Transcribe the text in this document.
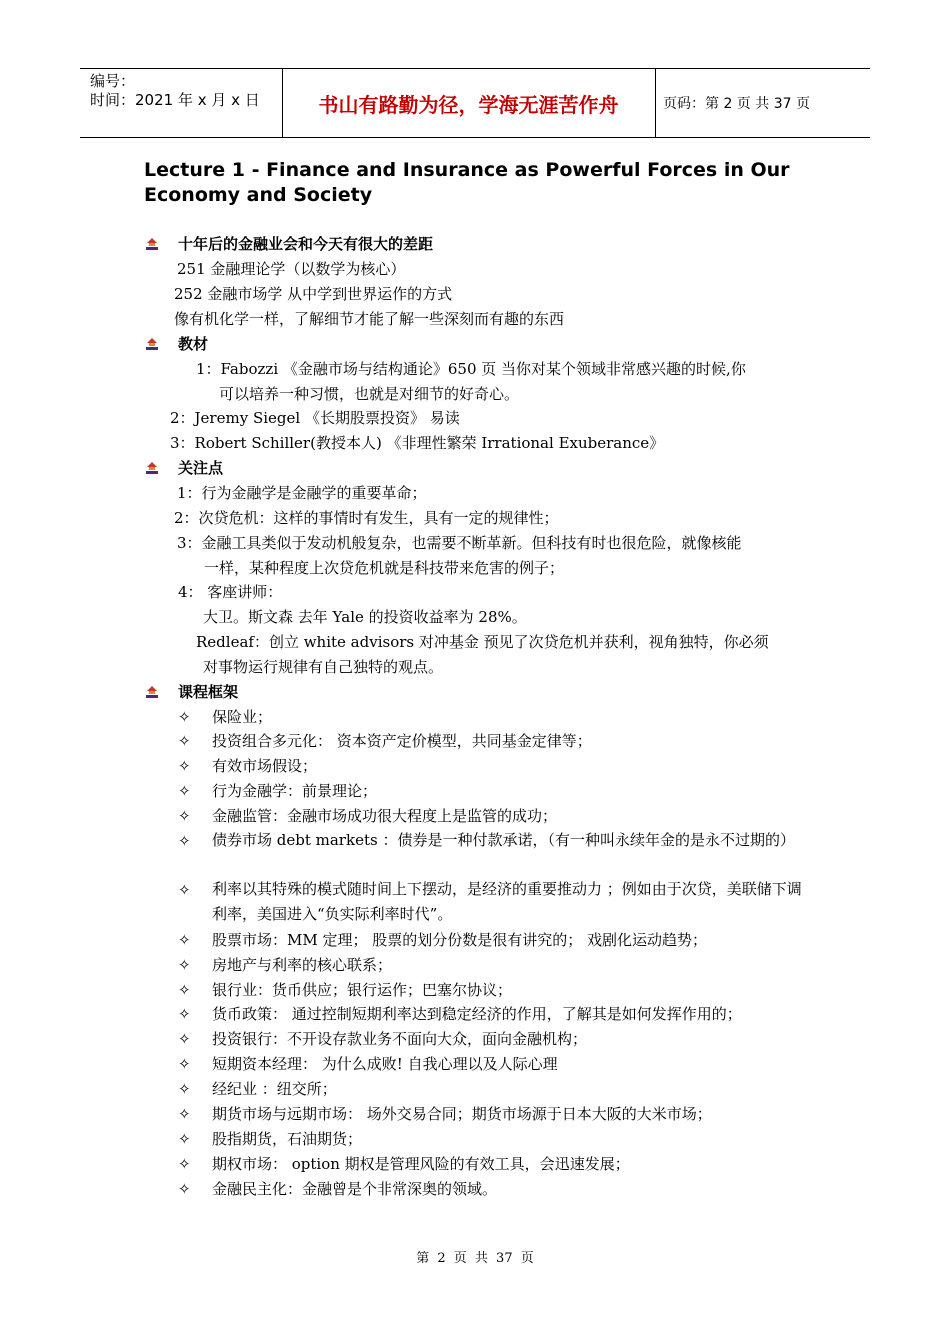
编号：
时间：2021 年 x 月 x 日	书山有路勤为径，学海无涯苦作舟	页码：第 2 页 共 37 页
Lecture 1 - Finance and Insurance as Powerful Forces in Our Economy and Society
十年后的金融业会和今天有很大的差距
251 金融理论学（以数学为核心）
252 金融市场学 从中学到世界运作的方式
像有机化学一样，了解细节才能了解一些深刻而有趣的东西
教材
1：Fabozzi 《金融市场与结构通论》650 页 当你对某个领域非常感兴趣的时候,你
可以培养一种习惯，也就是对细节的好奇心。
2：Jeremy Siegel 《长期股票投资》 易读
3：Robert Schiller(教授本人) 《非理性繁荣 Irrational Exuberance》
关注点
1：行为金融学是金融学的重要革命；
2：次贷危机：这样的事情时有发生，具有一定的规律性；
3：金融工具类似于发动机般复杂，也需要不断革新。但科技有时也很危险，就像核能
一样，某种程度上次贷危机就是科技带来危害的例子；
4： 客座讲师：
大卫。斯文森 去年 Yale 的投资收益率为 28%。
Redleaf：创立 white advisors 对冲基金 预见了次贷危机并获利，视角独特，你必须
对事物运行规律有自己独特的观点。
课程框架
✧ 保险业；
✧ 投资组合多元化： 资本资产定价模型，共同基金定律等；
✧ 有效市场假设；
✧ 行为金融学：前景理论；
✧ 金融监管：金融市场成功很大程度上是监管的成功；
✧ 债券市场 debt markets ：债券是一种付款承诺，（有一种叫永续年金的是永不过期的）
✧ 利率以其特殊的模式随时间上下摆动，是经济的重要推动力 ；例如由于次贷，美联储下调利率，美国进入“负实际利率时代”。
✧ 股票市场：MM 定理； 股票的划分份数是很有讲究的； 戏剧化运动趋势；
✧ 房地产与利率的核心联系；
✧ 银行业：货币供应；银行运作；巴塞尔协议；
✧ 货币政策： 通过控制短期利率达到稳定经济的作用，了解其是如何发挥作用的；
✧ 投资银行：不开设存款业务不面向大众，面向金融机构；
✧ 短期资本经理： 为什么成败! 自我心理以及人际心理
✧ 经纪业 ：纽交所；
✧ 期货市场与远期市场： 场外交易合同；期货市场源于日本大阪的大米市场；
✧ 股指期货，石油期货；
✧ 期权市场： option 期权是管理风险的有效工具，会迅速发展；
✧ 金融民主化：金融曾是个非常深奥的领域。
第 2 页 共 37 页
